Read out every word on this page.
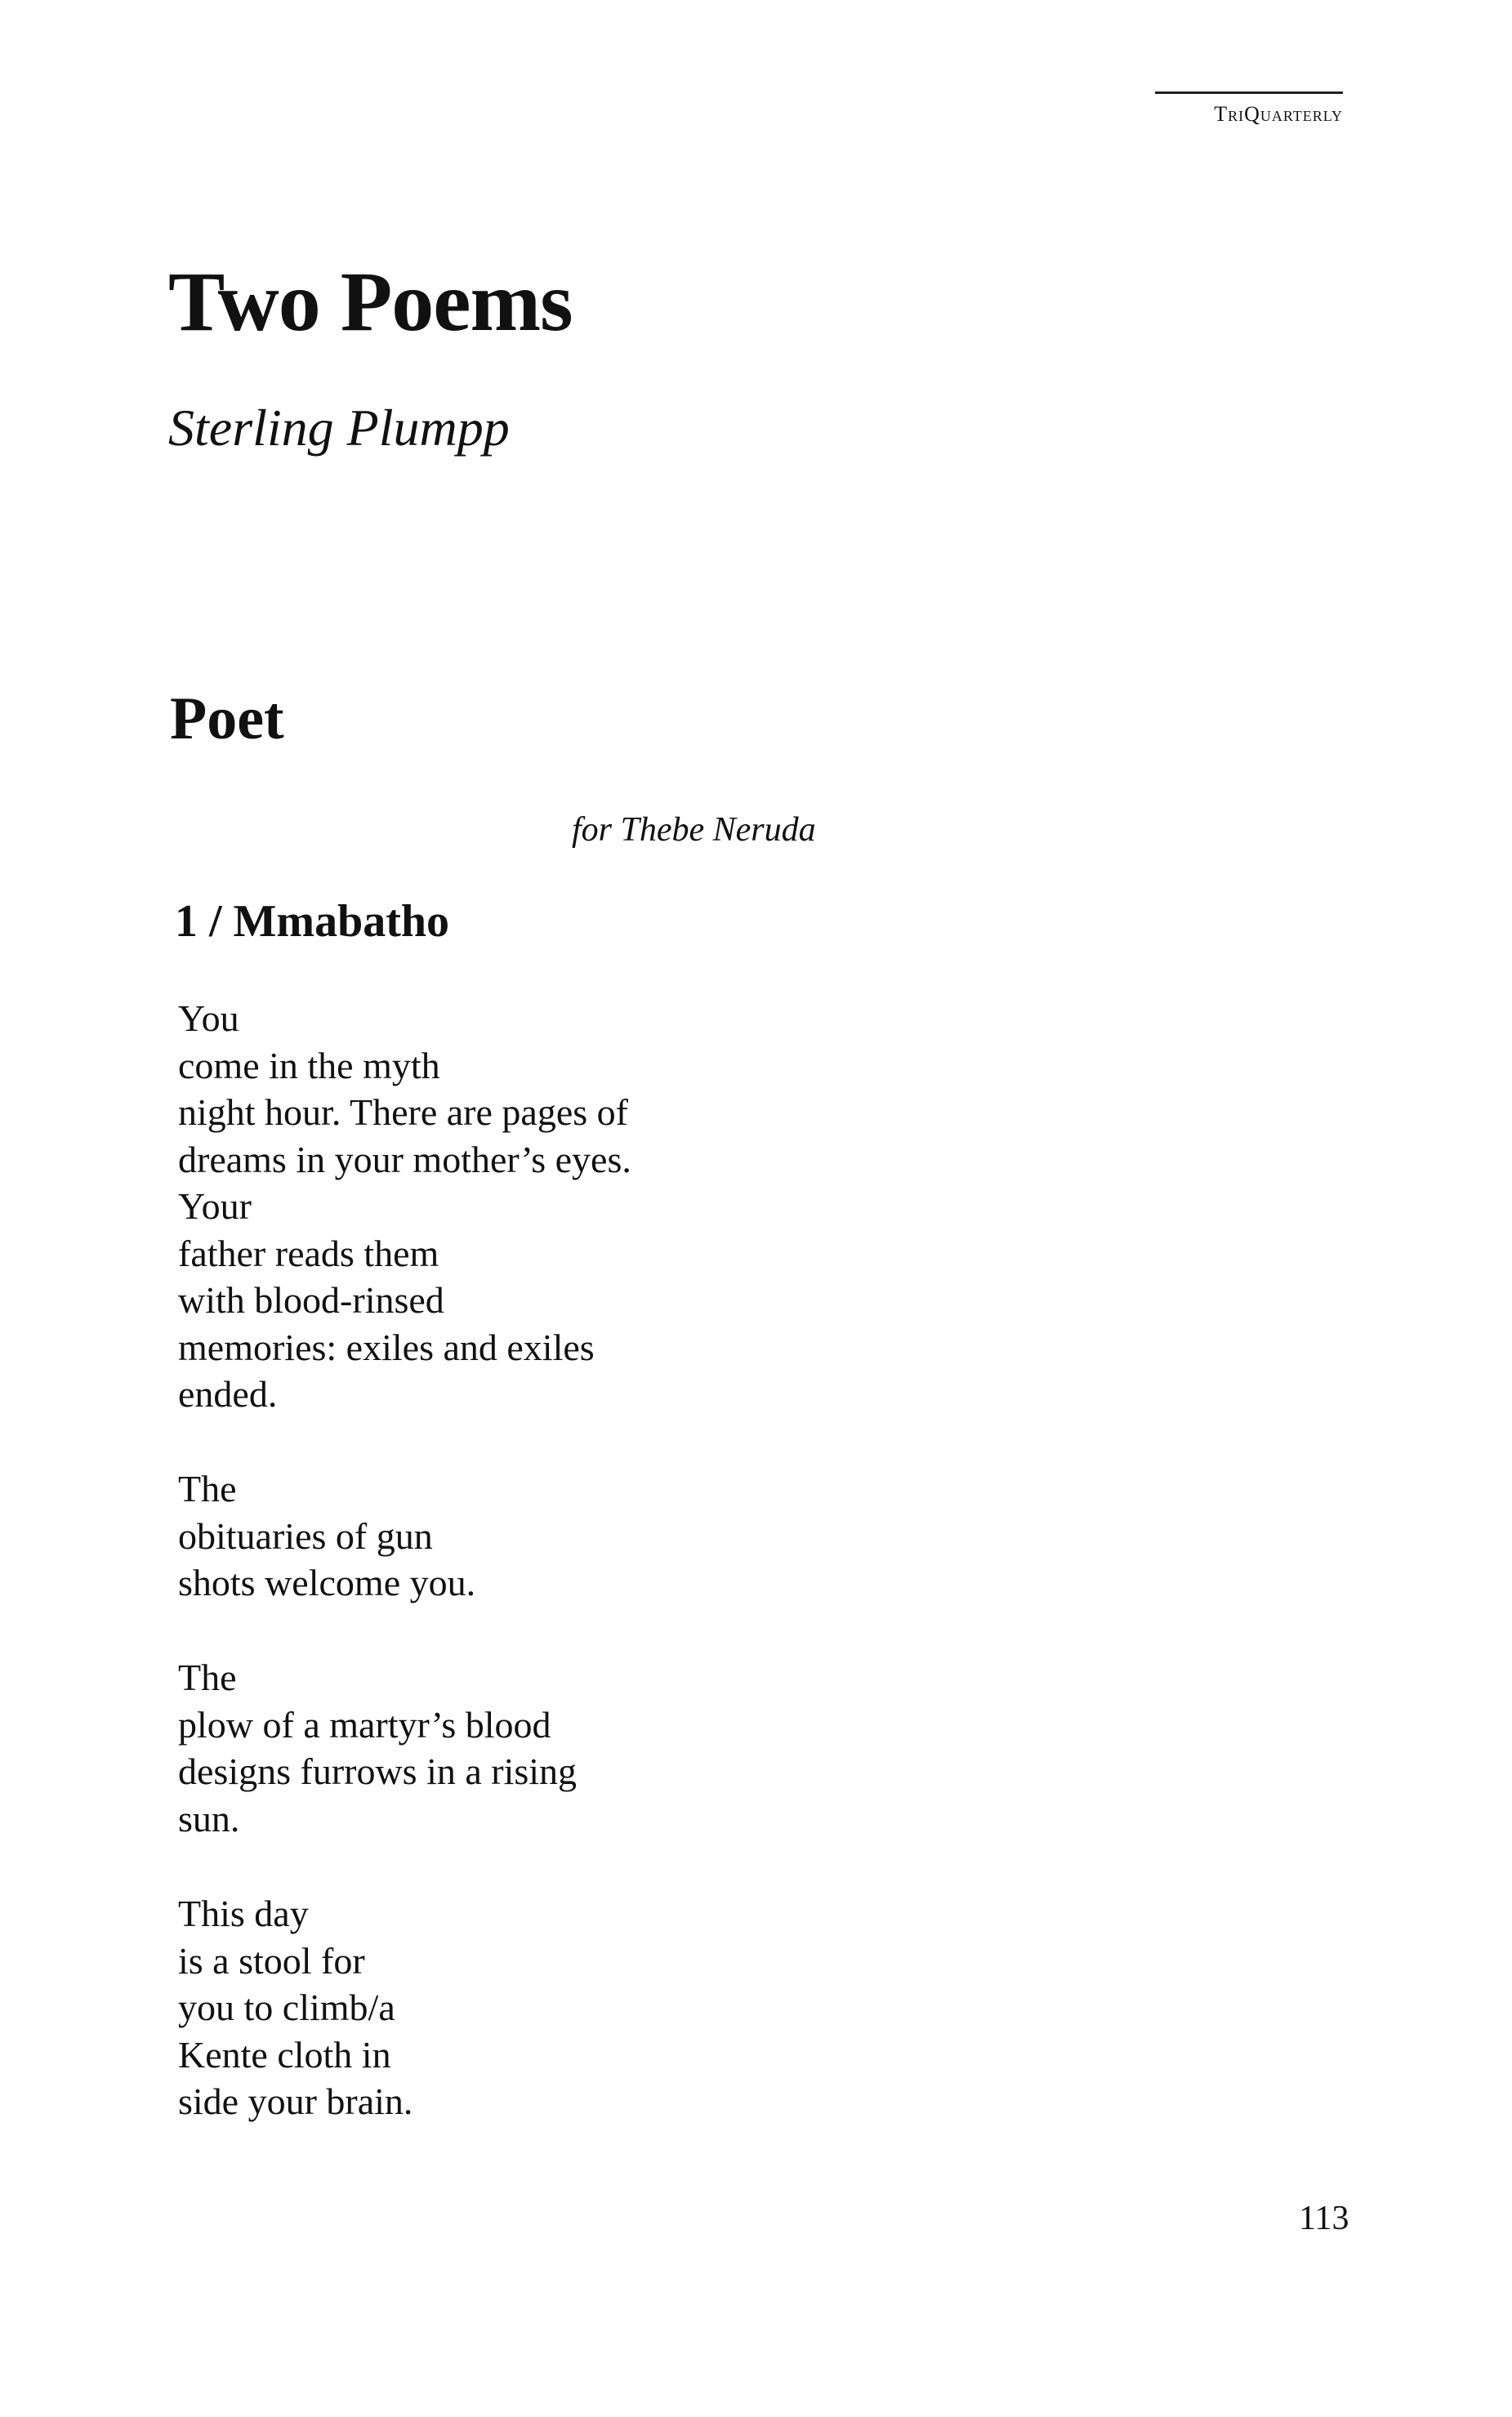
TriQuarterly
Two Poems
Sterling Plumpp
Poet
for Thebe Neruda
1 / Mmabatho
You
come in the myth
night hour. There are pages of
dreams in your mother’s eyes.
Your
father reads them
with blood-rinsed
memories: exiles and exiles
ended.
The
obituaries of gun
shots welcome you.
The
plow of a martyr’s blood
designs furrows in a rising
sun.
This day
is a stool for
you to climb/a
Kente cloth in
side your brain.
113
